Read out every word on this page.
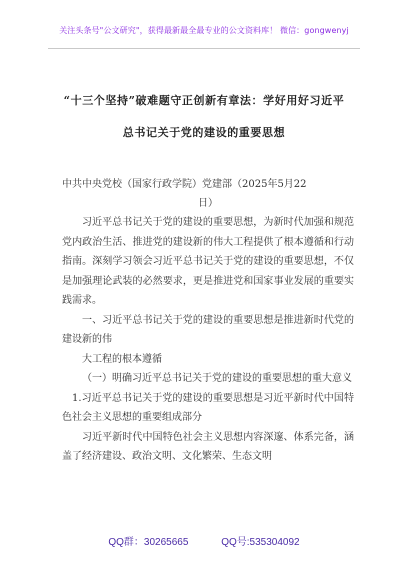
关注头条号"公文研究"，获得最新最全最专业的公文资料库！ 微信：gongwenyj
“十三个坚持”破难题守正创新有章法：学好用好习近平
总书记关于党的建设的重要思想
中共中央党校（国家行政学院）党建部（2025年5月22
日）

习近平总书记关于党的建设的重要思想，为新时代加强和规范党内政治生活、推进党的建设新的伟大工程提供了根本遵循和行动指南。深刻学习领会习近平总书记关于党的建设的重要思想，不仅是加强理论武装的必然要求，更是推进党和国家事业发展的重要实践需求。

一、习近平总书记关于党的建设的重要思想是推进新时代党的建设新的伟

大工程的根本遵循

（一）明确习近平总书记关于党的建设的重要思想的重大意义

1.习近平总书记关于党的建设的重要思想是习近平新时代中国特色社会主义思想的重要组成部分

习近平新时代中国特色社会主义思想内容深邃、体系完备，涵盖了经济建设、政治文明、文化繁荣、生态文明

QQ群：30265665	QQ号:535304092
